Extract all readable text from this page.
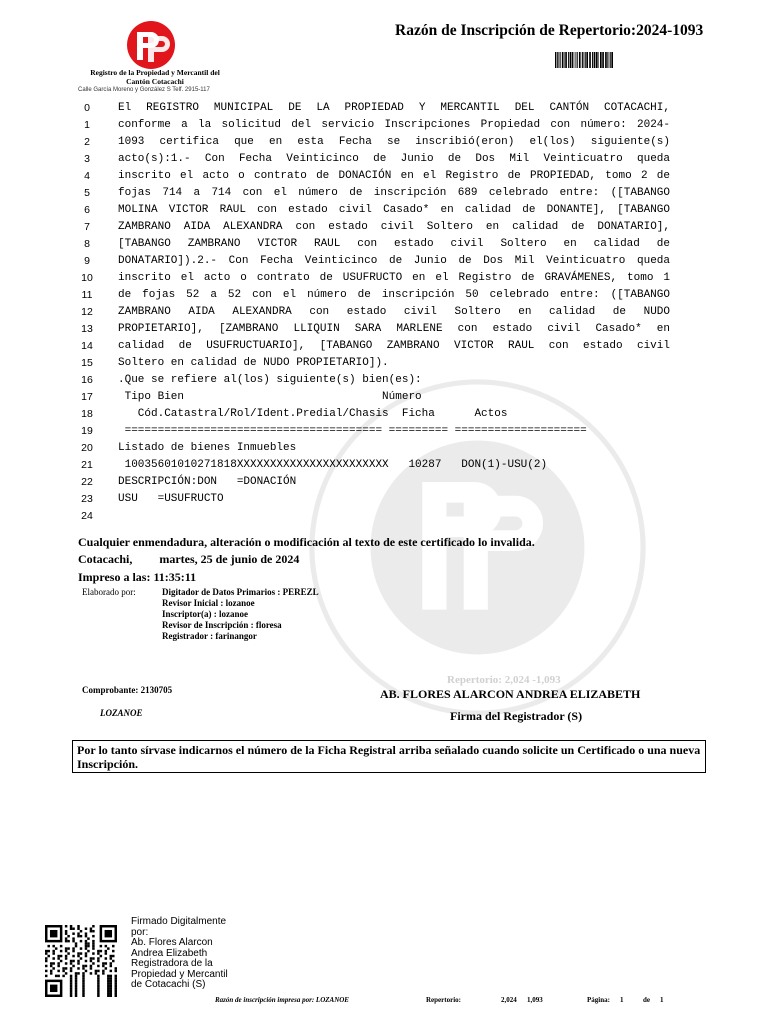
Registro de la Propiedad y Mercantil del Cantón Cotacachi
Calle García Moreno y González S Telf. 2915-117
Razón de Inscripción de Repertorio:2024-1093
0
1
2
3
4
5
6
7
8
9
10
11
12
13
14
15
16
17
18
19
20
21
22
23
24
El REGISTRO MUNICIPAL DE LA PROPIEDAD Y MERCANTIL DEL CANTÓN COTACACHI,
conforme a la solicitud del servicio Inscripciones Propiedad con número: 2024-
1093 certifica que en esta Fecha se inscribió(eron) el(los) siguiente(s)
acto(s):1.- Con Fecha Veinticinco de Junio de Dos Mil Veinticuatro queda
inscrito el acto o contrato de DONACIÓN en el Registro de PROPIEDAD, tomo 2 de
fojas 714 a 714 con el número de inscripción 689 celebrado entre: ([TABANGO
MOLINA VICTOR RAUL con estado civil Casado* en calidad de DONANTE], [TABANGO
ZAMBRANO AIDA ALEXANDRA con estado civil Soltero en calidad de DONATARIO],
[TABANGO ZAMBRANO VICTOR RAUL con estado civil Soltero en calidad de
DONATARIO]).2.- Con Fecha Veinticinco de Junio de Dos Mil Veinticuatro queda
inscrito el acto o contrato de USUFRUCTO en el Registro de GRAVÁMENES, tomo 1
de fojas 52 a 52 con el número de inscripción 50 celebrado entre: ([TABANGO
ZAMBRANO AIDA ALEXANDRA con estado civil Soltero en calidad de NUDO
PROPIETARIO], [ZAMBRANO LLIQUIN SARA MARLENE con estado civil Casado* en
calidad de USUFRUCTUARIO], [TABANGO ZAMBRANO VICTOR RAUL con estado civil
Soltero en calidad de NUDO PROPIETARIO]).
.Que se refiere al(los) siguiente(s) bien(es):
Tipo Bien                              Número
Cód.Catastral/Rol/Ident.Predial/Chasis  Ficha      Actos
======================================= ========= ====================
Listado de bienes Inmuebles
10035601010271818XXXXXXXXXXXXXXXXXXXXXXX   10287   DON(1)-USU(2)
DESCRIPCIÓN:DON   =DONACIÓN
USU   =USUFRUCTO
Cualquier enmendadura, alteración o modificación al texto de este certificado lo invalida.
Cotacachi,         martes, 25 de junio de 2024
Impreso a las: 11:35:11
Elaborado por:	Digitador de Datos Primarios : PEREZL
Revisor Inicial : lozanoe
Inscriptor(a) : lozanoe
Revisor de Inscripción : floresa
Registrador : farinangor
Repertorio: 2,024 -1,093
Comprobante: 2130705	AB. FLORES ALARCON ANDREA ELIZABETH
LOZANOE	Firma del Registrador (S)
Por lo tanto sírvase indicarnos el número de la Ficha Registral arriba señalado cuando solicite un Certificado o una nueva Inscripción.
Firmado Digitalmente
por:
Ab. Flores Alarcon
Andrea Elizabeth
Registradora de la
Propiedad y Mercantil
de Cotacachi (S)
Razón de inscripción impresa por: LOZANOE	Repertorio:	2,024 1,093	Página: 1	de 1
